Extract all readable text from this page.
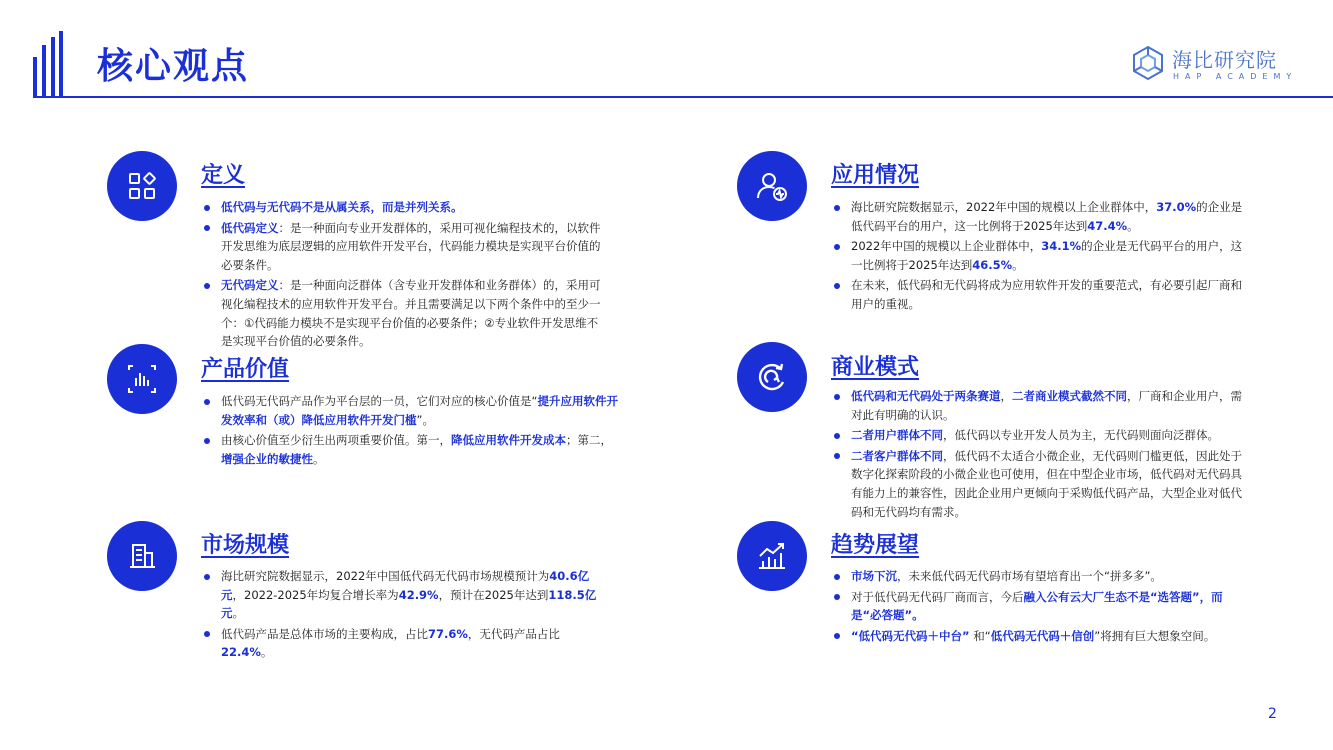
核心观点	海比研究院
HAP ACADEMY
定义
低代码与无代码不是从属关系，而是并列关系。
低代码定义：是一种面向专业开发群体的，采用可视化编程技术的，以软件开发思维为底层逻辑的应用软件开发平台，代码能力模块是实现平台价值的必要条件。
无代码定义：是一种面向泛群体（含专业开发群体和业务群体）的，采用可视化编程技术的应用软件开发平台。并且需要满足以下两个条件中的至少一个：①代码能力模块不是实现平台价值的必要条件；②专业软件开发思维不是实现平台价值的必要条件。
产品价值
低代码无代码产品作为平台层的一员，它们对应的核心价值是“提升应用软件开发效率和（或）降低应用软件开发门槛”。
由核心价值至少衍生出两项重要价值。第一，降低应用软件开发成本；第二，增强企业的敏捷性。
市场规模
海比研究院数据显示，2022年中国低代码无代码市场规模预计为40.6亿元，2022-2025年均复合增长率为42.9%，预计在2025年达到118.5亿元。
低代码产品是总体市场的主要构成，占比77.6%，无代码产品占比22.4%。
应用情况
海比研究院数据显示，2022年中国的规模以上企业群体中，37.0%的企业是低代码平台的用户，这一比例将于2025年达到47.4%。
2022年中国的规模以上企业群体中，34.1%的企业是无代码平台的用户，这一比例将于2025年达到46.5%。
在未来，低代码和无代码将成为应用软件开发的重要范式，有必要引起厂商和用户的重视。
商业模式
低代码和无代码处于两条赛道，二者商业模式截然不同，厂商和企业用户，需对此有明确的认识。
二者用户群体不同，低代码以专业开发人员为主，无代码则面向泛群体。
二者客户群体不同，低代码不太适合小微企业，无代码则门槛更低，因此处于数字化探索阶段的小微企业也可使用，但在中型企业市场，低代码对无代码具有能力上的兼容性，因此企业用户更倾向于采购低代码产品，大型企业对低代码和无代码均有需求。
趋势展望
市场下沉，未来低代码无代码市场有望培育出一个“拼多多”。
对于低代码无代码厂商而言，今后融入公有云大厂生态不是“选答题”，而是“必答题”。
“低代码无代码＋中台” 和“低代码无代码＋信创”将拥有巨大想象空间。
2
